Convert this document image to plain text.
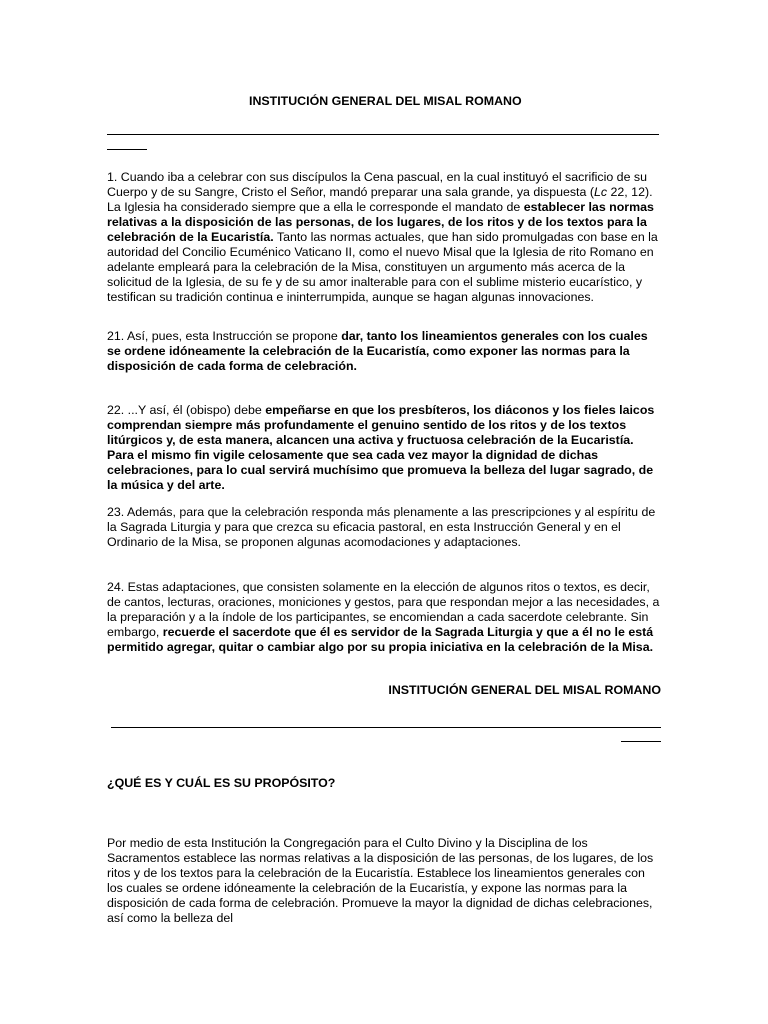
INSTITUCIÓN GENERAL DEL MISAL ROMANO

1. Cuando iba a celebrar con sus discípulos la Cena pascual, en la cual instituyó el sacrificio de su Cuerpo y de su Sangre, Cristo el Señor, mandó preparar una sala grande, ya dispuesta (Lc 22, 12). La Iglesia ha considerado siempre que a ella le corresponde el mandato de establecer las normas relativas a la disposición de las personas, de los lugares, de los ritos y de los textos para la celebración de la Eucaristía. Tanto las normas actuales, que han sido promulgadas con base en la autoridad del Concilio Ecuménico Vaticano II, como el nuevo Misal que la Iglesia de rito Romano en adelante empleará para la celebración de la Misa, constituyen un argumento más acerca de la solicitud de la Iglesia, de su fe y de su amor inalterable para con el sublime misterio eucarístico, y testifican su tradición continua e ininterrumpida, aunque se hagan algunas innovaciones.

21. Así, pues, esta Instrucción se propone dar, tanto los lineamientos generales con los cuales se ordene idóneamente la celebración de la Eucaristía, como exponer las normas para la disposición de cada forma de celebración.

22. ...Y así, él (obispo) debe empeñarse en que los presbíteros, los diáconos y los fieles laicos comprendan siempre más profundamente el genuino sentido de los ritos y de los textos litúrgicos y, de esta manera, alcancen una activa y fructuosa celebración de la Eucaristía. Para el mismo fin vigile celosamente que sea cada vez mayor la dignidad de dichas celebraciones, para lo cual servirá muchísimo que promueva la belleza del lugar sagrado, de la música y del arte.

23. Además, para que la celebración responda más plenamente a las prescripciones y al espíritu de la Sagrada Liturgia y para que crezca su eficacia pastoral, en esta Instrucción General y en el Ordinario de la Misa, se proponen algunas acomodaciones y adaptaciones.

24. Estas adaptaciones, que consisten solamente en la elección de algunos ritos o textos, es decir, de cantos, lecturas, oraciones, moniciones y gestos, para que respondan mejor a las necesidades, a la preparación y a la índole de los participantes, se encomiendan a cada sacerdote celebrante. Sin embargo, recuerde el sacerdote que él es servidor de la Sagrada Liturgia y que a él no le está permitido agregar, quitar o cambiar algo por su propia iniciativa en la celebración de la Misa.

INSTITUCIÓN GENERAL DEL MISAL ROMANO
¿QUÉ ES Y CUÁL ES SU PROPÓSITO?

Por medio de esta Institución la Congregación para el Culto Divino y la Disciplina de los Sacramentos establece las normas relativas a la disposición de las personas, de los lugares, de los ritos y de los textos para la celebración de la Eucaristía. Establece los lineamientos generales con los cuales se ordene idóneamente la celebración de la Eucaristía, y expone las normas para la disposición de cada forma de celebración. Promueve la mayor la dignidad de dichas celebraciones, así como la belleza del
